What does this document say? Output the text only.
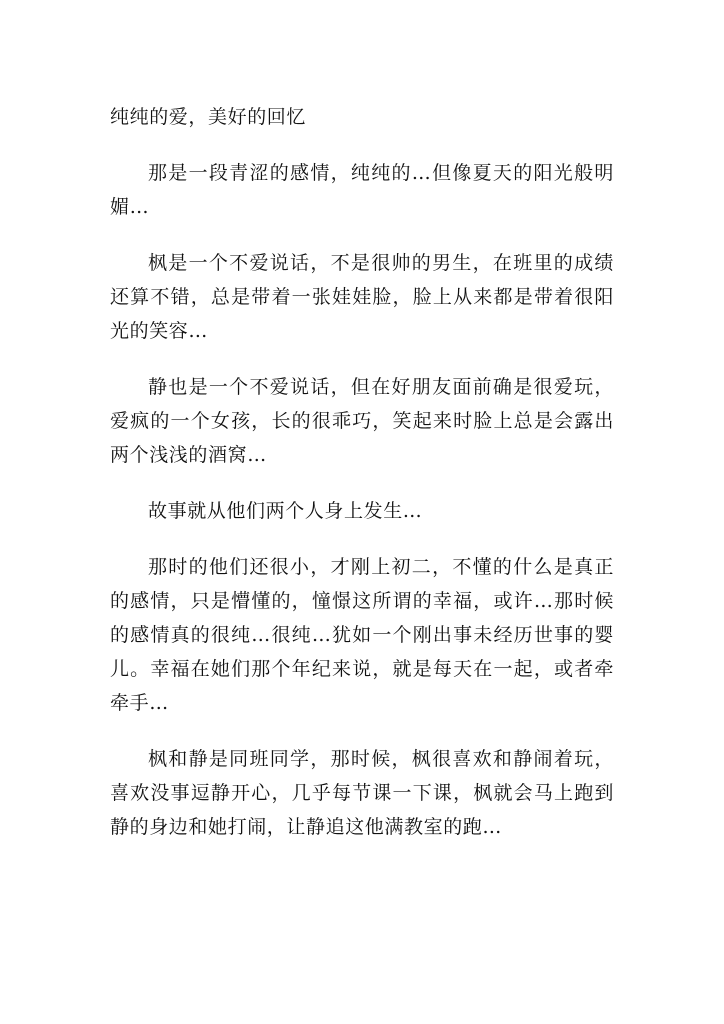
纯纯的爱，美好的回忆

那是一段青涩的感情，纯纯的…但像夏天的阳光般明媚…

枫是一个不爱说话，不是很帅的男生，在班里的成绩还算不错，总是带着一张娃娃脸，脸上从来都是带着很阳光的笑容…

静也是一个不爱说话，但在好朋友面前确是很爱玩，爱疯的一个女孩，长的很乖巧，笑起来时脸上总是会露出两个浅浅的酒窝…

故事就从他们两个人身上发生…

那时的他们还很小，才刚上初二，不懂的什么是真正的感情，只是懵懂的，憧憬这所谓的幸福，或许…那时候的感情真的很纯…很纯…犹如一个刚出事未经历世事的婴儿。幸福在她们那个年纪来说，就是每天在一起，或者牵牵手…

枫和静是同班同学，那时候，枫很喜欢和静闹着玩，喜欢没事逗静开心，几乎每节课一下课，枫就会马上跑到静的身边和她打闹，让静追这他满教室的跑…
